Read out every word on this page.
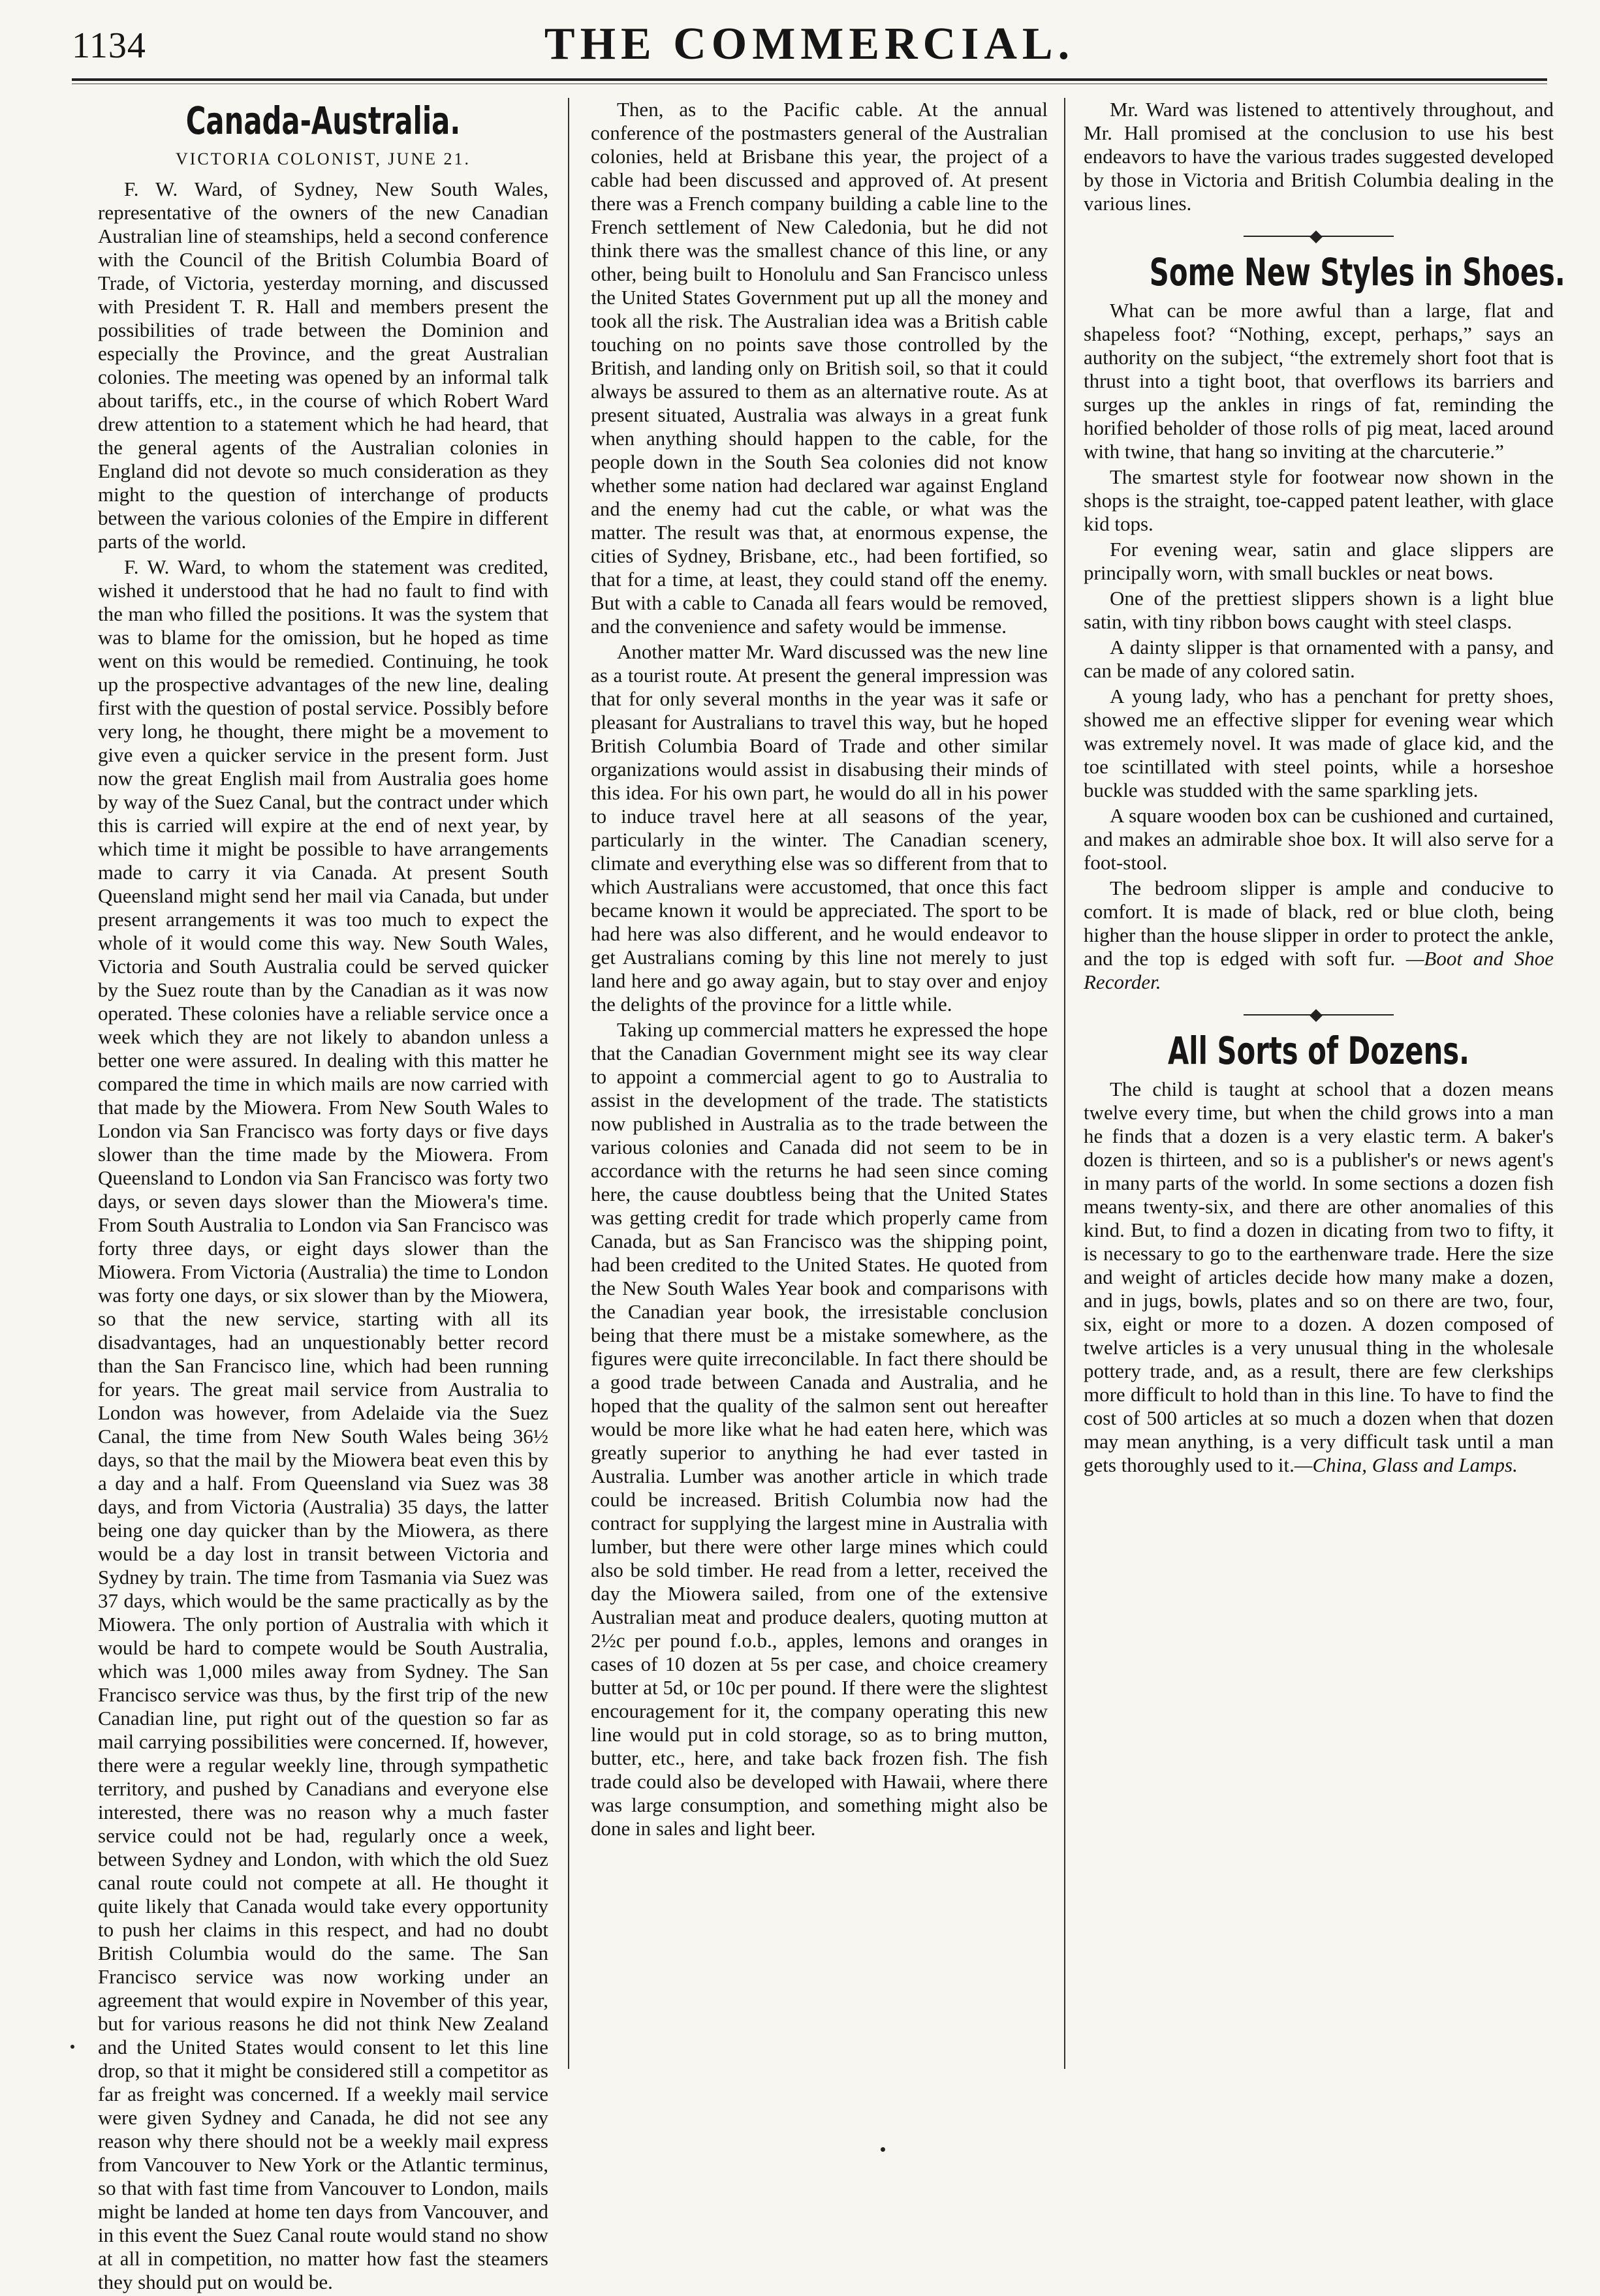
1134	THE COMMERCIAL.
Canada-Australia.
VICTORIA COLONIST, JUNE 21.

F. W. Ward, of Sydney, New South Wales, representative of the owners of the new Canadian Australian line of steamships, held a second conference with the Council of the British Columbia Board of Trade, of Victoria, yesterday morning, and discussed with President T. R. Hall and members present the possibilities of trade between the Dominion and especially the Province, and the great Australian colonies. The meeting was opened by an informal talk about tariffs, etc., in the course of which Robert Ward drew attention to a statement which he had heard, that the general agents of the Australian colonies in England did not devote so much consideration as they might to the question of interchange of products between the various colonies of the Empire in different parts of the world.

F. W. Ward, to whom the statement was credited, wished it understood that he had no fault to find with the man who filled the positions. It was the system that was to blame for the omission, but he hoped as time went on this would be remedied. Continuing, he took up the prospective advantages of the new line, dealing first with the question of postal service. Possibly before very long, he thought, there might be a movement to give even a quicker service in the present form. Just now the great English mail from Australia goes home by way of the Suez Canal, but the contract under which this is carried will expire at the end of next year, by which time it might be possible to have arrangements made to carry it via Canada. At present South Queensland might send her mail via Canada, but under present arrangements it was too much to expect the whole of it would come this way. New South Wales, Victoria and South Australia could be served quicker by the Suez route than by the Canadian as it was now operated. These colonies have a reliable service once a week which they are not likely to abandon unless a better one were assured. In dealing with this matter he compared the time in which mails are now carried with that made by the Miowera. From New South Wales to London via San Francisco was forty days or five days slower than the time made by the Miowera. From Queensland to London via San Francisco was forty two days, or seven days slower than the Miowera's time. From South Australia to London via San Francisco was forty three days, or eight days slower than the Miowera. From Victoria (Australia) the time to London was forty one days, or six slower than by the Miowera, so that the new service, starting with all its disadvantages, had an unquestionably better record than the San Francisco line, which had been running for years. The great mail service from Australia to London was however, from Adelaide via the Suez Canal, the time from New South Wales being 36½ days, so that the mail by the Miowera beat even this by a day and a half. From Queensland via Suez was 38 days, and from Victoria (Australia) 35 days, the latter being one day quicker than by the Miowera, as there would be a day lost in transit between Victoria and Sydney by train. The time from Tasmania via Suez was 37 days, which would be the same practically as by the Miowera. The only portion of Australia with which it would be hard to compete would be South Australia, which was 1,000 miles away from Sydney. The San Francisco service was thus, by the first trip of the new Canadian line, put right out of the question so far as mail carrying possibilities were concerned. If, however, there were a regular weekly line, through sympathetic territory, and pushed by Canadians and everyone else interested, there was no reason why a much faster service could not be had, regularly once a week, between Sydney and London, with which the old Suez canal route could not compete at all. He thought it quite likely that Canada would take every opportunity to push her claims in this respect, and had no doubt British Columbia would do the same. The San Francisco service was now working under an agreement that would expire in November of this year, but for various reasons he did not think New Zealand and the United States would consent to let this line drop, so that it might be considered still a competitor as far as freight was concerned. If a weekly mail service were given Sydney and Canada, he did not see any reason why there should not be a weekly mail express from Vancouver to New York or the Atlantic terminus, so that with fast time from Vancouver to London, mails might be landed at home ten days from Vancouver, and in this event the Suez Canal route would stand no show at all in competition, no matter how fast the steamers they should put on would be.

Then, as to the Pacific cable. At the annual conference of the postmasters general of the Australian colonies, held at Brisbane this year, the project of a cable had been discussed and approved of. At present there was a French company building a cable line to the French settlement of New Caledonia, but he did not think there was the smallest chance of this line, or any other, being built to Honolulu and San Francisco unless the United States Government put up all the money and took all the risk. The Australian idea was a British cable touching on no points save those controlled by the British, and landing only on British soil, so that it could always be assured to them as an alternative route. As at present situated, Australia was always in a great funk when anything should happen to the cable, for the people down in the South Sea colonies did not know whether some nation had declared war against England and the enemy had cut the cable, or what was the matter. The result was that, at enormous expense, the cities of Sydney, Brisbane, etc., had been fortified, so that for a time, at least, they could stand off the enemy. But with a cable to Canada all fears would be removed, and the convenience and safety would be immense.

Another matter Mr. Ward discussed was the new line as a tourist route. At present the general impression was that for only several months in the year was it safe or pleasant for Australians to travel this way, but he hoped British Columbia Board of Trade and other similar organizations would assist in disabusing their minds of this idea. For his own part, he would do all in his power to induce travel here at all seasons of the year, particularly in the winter. The Canadian scenery, climate and everything else was so different from that to which Australians were accustomed, that once this fact became known it would be appreciated. The sport to be had here was also different, and he would endeavor to get Australians coming by this line not merely to just land here and go away again, but to stay over and enjoy the delights of the province for a little while.

Taking up commercial matters he expressed the hope that the Canadian Government might see its way clear to appoint a commercial agent to go to Australia to assist in the development of the trade. The statisticts now published in Australia as to the trade between the various colonies and Canada did not seem to be in accordance with the returns he had seen since coming here, the cause doubtless being that the United States was getting credit for trade which properly came from Canada, but as San Francisco was the shipping point, had been credited to the United States. He quoted from the New South Wales Year book and comparisons with the Canadian year book, the irresistable conclusion being that there must be a mistake somewhere, as the figures were quite irreconcilable. In fact there should be a good trade between Canada and Australia, and he hoped that the quality of the salmon sent out hereafter would be more like what he had eaten here, which was greatly superior to anything he had ever tasted in Australia. Lumber was another article in which trade could be increased. British Columbia now had the contract for supplying the largest mine in Australia with lumber, but there were other large mines which could also be sold timber. He read from a letter, received the day the Miowera sailed, from one of the extensive Australian meat and produce dealers, quoting mutton at 2½c per pound f.o.b., apples, lemons and oranges in cases of 10 dozen at 5s per case, and choice creamery butter at 5d, or 10c per pound. If there were the slightest encouragement for it, the company operating this new line would put in cold storage, so as to bring mutton, butter, etc., here, and take back frozen fish. The fish trade could also be developed with Hawaii, where there was large consumption, and something might also be done in sales and light beer.

Mr. Ward was listened to attentively throughout, and Mr. Hall promised at the conclusion to use his best endeavors to have the various trades suggested developed by those in Victoria and British Columbia dealing in the various lines.

Some New Styles in Shoes.

What can be more awful than a large, flat and shapeless foot? “Nothing, except, perhaps,” says an authority on the subject, “the extremely short foot that is thrust into a tight boot, that overflows its barriers and surges up the ankles in rings of fat, reminding the horified beholder of those rolls of pig meat, laced around with twine, that hang so inviting at the charcuterie.”

The smartest style for footwear now shown in the shops is the straight, toe-capped patent leather, with glace kid tops.

For evening wear, satin and glace slippers are principally worn, with small buckles or neat bows.

One of the prettiest slippers shown is a light blue satin, with tiny ribbon bows caught with steel clasps.

A dainty slipper is that ornamented with a pansy, and can be made of any colored satin.

A young lady, who has a penchant for pretty shoes, showed me an effective slipper for evening wear which was extremely novel. It was made of glace kid, and the toe scintillated with steel points, while a horseshoe buckle was studded with the same sparkling jets.

A square wooden box can be cushioned and curtained, and makes an admirable shoe box. It will also serve for a foot-stool.

The bedroom slipper is ample and conducive to comfort. It is made of black, red or blue cloth, being higher than the house slipper in order to protect the ankle, and the top is edged with soft fur. —Boot and Shoe Recorder.

All Sorts of Dozens.

The child is taught at school that a dozen means twelve every time, but when the child grows into a man he finds that a dozen is a very elastic term. A baker's dozen is thirteen, and so is a publisher's or news agent's in many parts of the world. In some sections a dozen fish means twenty-six, and there are other anomalies of this kind. But, to find a dozen in dicating from two to fifty, it is necessary to go to the earthenware trade. Here the size and weight of articles decide how many make a dozen, and in jugs, bowls, plates and so on there are two, four, six, eight or more to a dozen. A dozen composed of twelve articles is a very unusual thing in the wholesale pottery trade, and, as a result, there are few clerkships more difficult to hold than in this line. To have to find the cost of 500 articles at so much a dozen when that dozen may mean anything, is a very difficult task until a man gets thoroughly used to it.—China, Glass and Lamps.
